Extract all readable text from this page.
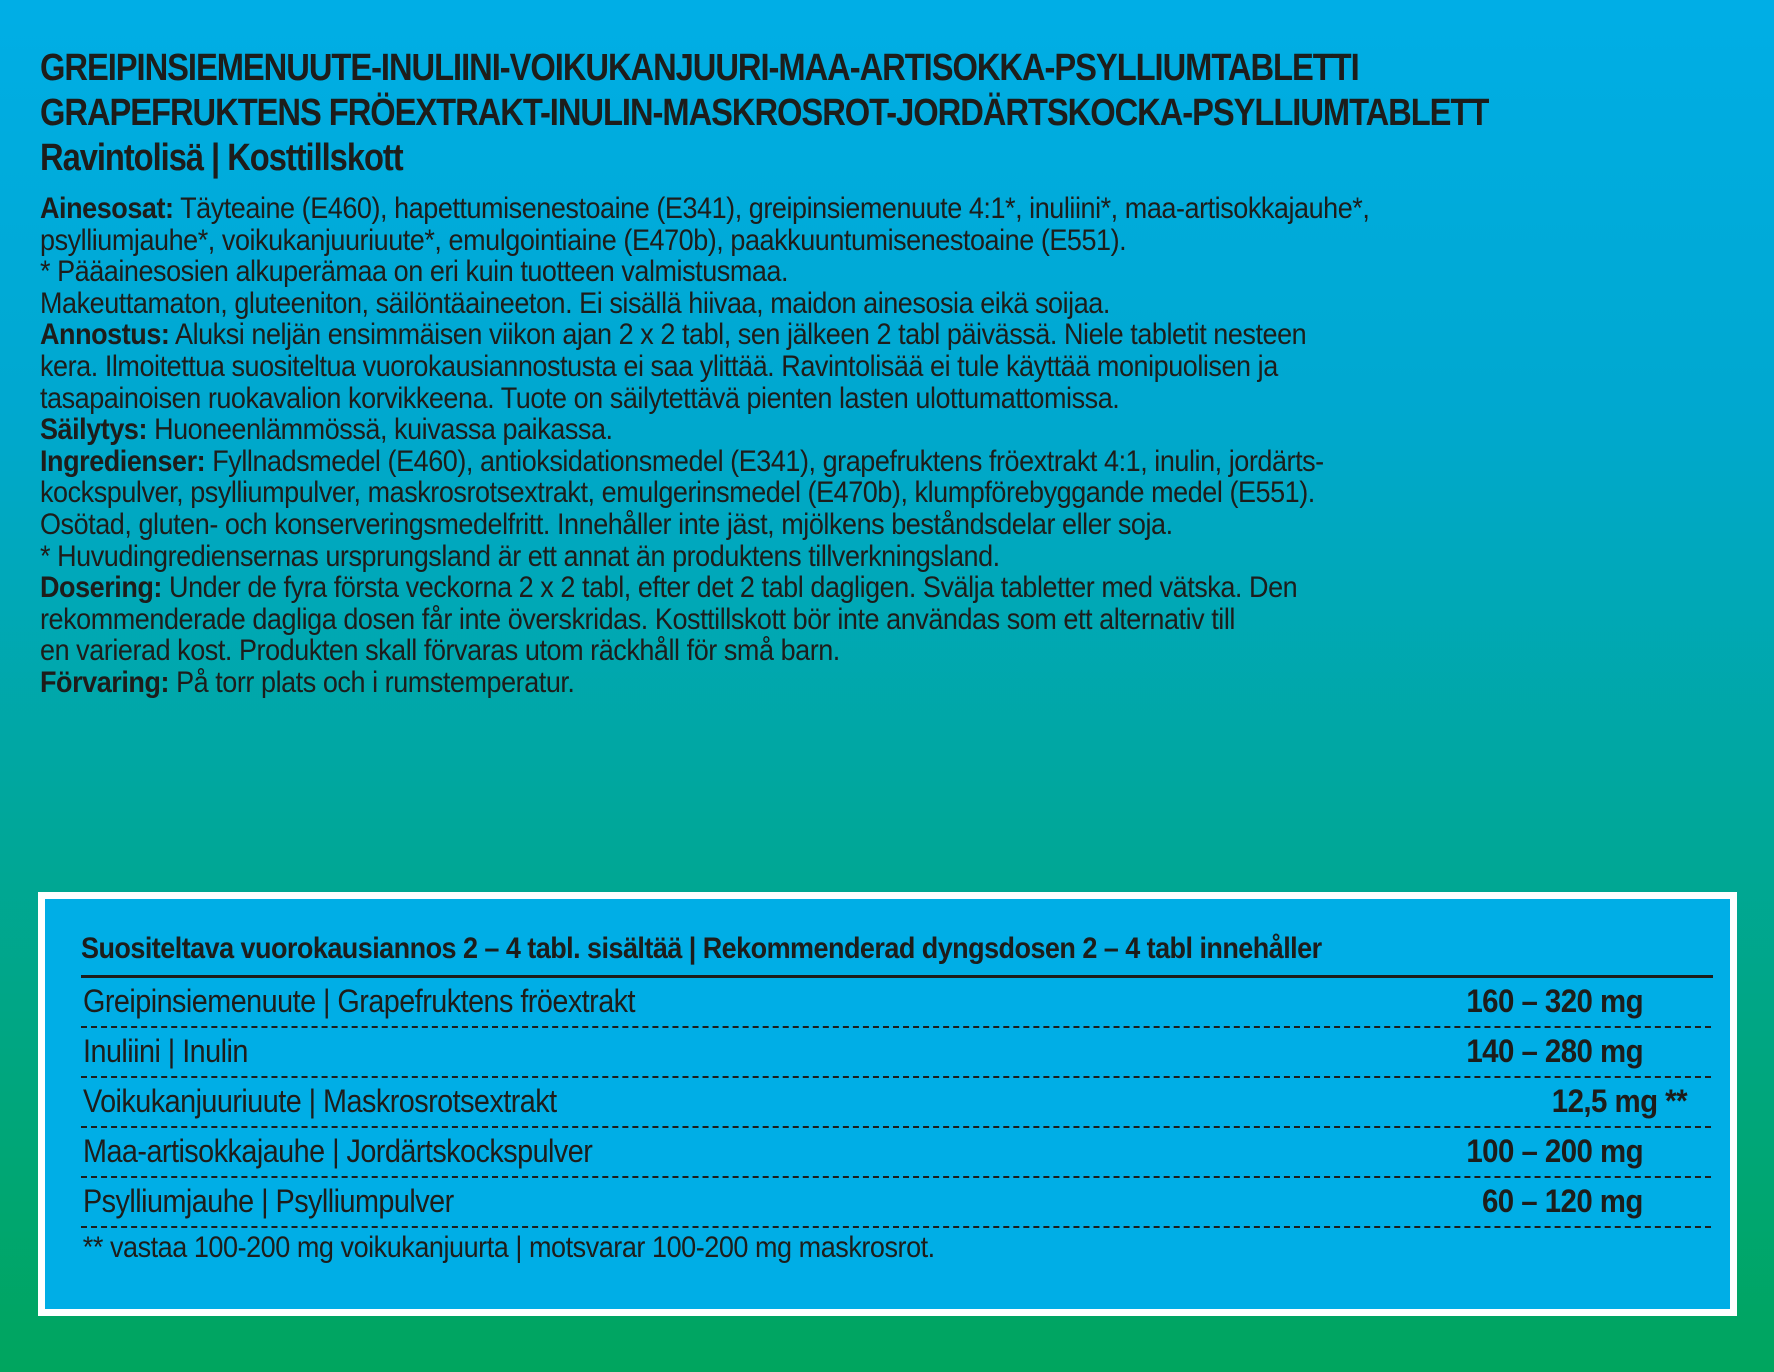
GREIPINSIEMENUUTE-INULIINI-VOIKUKANJUURI-MAA-ARTISOKKA-PSYLLIUMTABLETTI
GRAPEFRUKTENS FRÖEXTRAKT-INULIN-MASKROSROT-JORDÄRTSKOCKA-PSYLLIUMTABLETT
Ravintolisä | Kosttillskott

Ainesosat: Täyteaine (E460), hapettumisenestoaine (E341), greipinsiemenuute 4:1*, inuliini*, maa-artisokkajauhe*,
psylliumjauhe*, voikukanjuuriuute*, emulgointiaine (E470b), paakkuuntumisenestoaine (E551).

* Pääainesosien alkuperämaa on eri kuin tuotteen valmistusmaa.

Makeuttamaton, gluteeniton, säilöntäaineeton. Ei sisällä hiivaa, maidon ainesosia eikä soijaa.

Annostus: Aluksi neljän ensimmäisen viikon ajan 2 x 2 tabl, sen jälkeen 2 tabl päivässä. Niele tabletit nesteen
kera. Ilmoitettua suositeltua vuorokausiannostusta ei saa ylittää. Ravintolisää ei tule käyttää monipuolisen ja
tasapainoisen ruokavalion korvikkeena. Tuote on säilytettävä pienten lasten ulottumattomissa.

Säilytys: Huoneenlämmössä, kuivassa paikassa.

Ingredienser: Fyllnadsmedel (E460), antioksidationsmedel (E341), grapefruktens fröextrakt 4:1, inulin, jordärts-
kockspulver, psylliumpulver, maskrosrotsextrakt, emulgerinsmedel (E470b), klumpförebyggande medel (E551).
Osötad, gluten- och konserveringsmedelfritt. Innehåller inte jäst, mjölkens beståndsdelar eller soja.

* Huvudingrediensernas ursprungsland är ett annat än produktens tillverkningsland.

Dosering: Under de fyra första veckorna 2 x 2 tabl, efter det 2 tabl dagligen. Svälja tabletter med vätska. Den
rekommenderade dagliga dosen får inte överskridas. Kosttillskott bör inte användas som ett alternativ till
en varierad kost. Produkten skall förvaras utom räckhåll för små barn.

Förvaring: På torr plats och i rumstemperatur.

Suositeltava vuorokausiannos 2 – 4 tabl. sisältää | Rekommenderad dyngsdosen 2 – 4 tabl innehåller
Greipinsiemenuute | Grapefruktens fröextrakt	160 – 320 mg
Inuliini | Inulin	140 – 280 mg
Voikukanjuuriuute | Maskrosrotsextrakt	12,5 mg **
Maa-artisokkajauhe | Jordärtskockspulver	100 – 200 mg
Psylliumjauhe | Psylliumpulver	60 – 120 mg
** vastaa 100-200 mg voikukanjuurta | motsvarar 100-200 mg maskrosrot.
